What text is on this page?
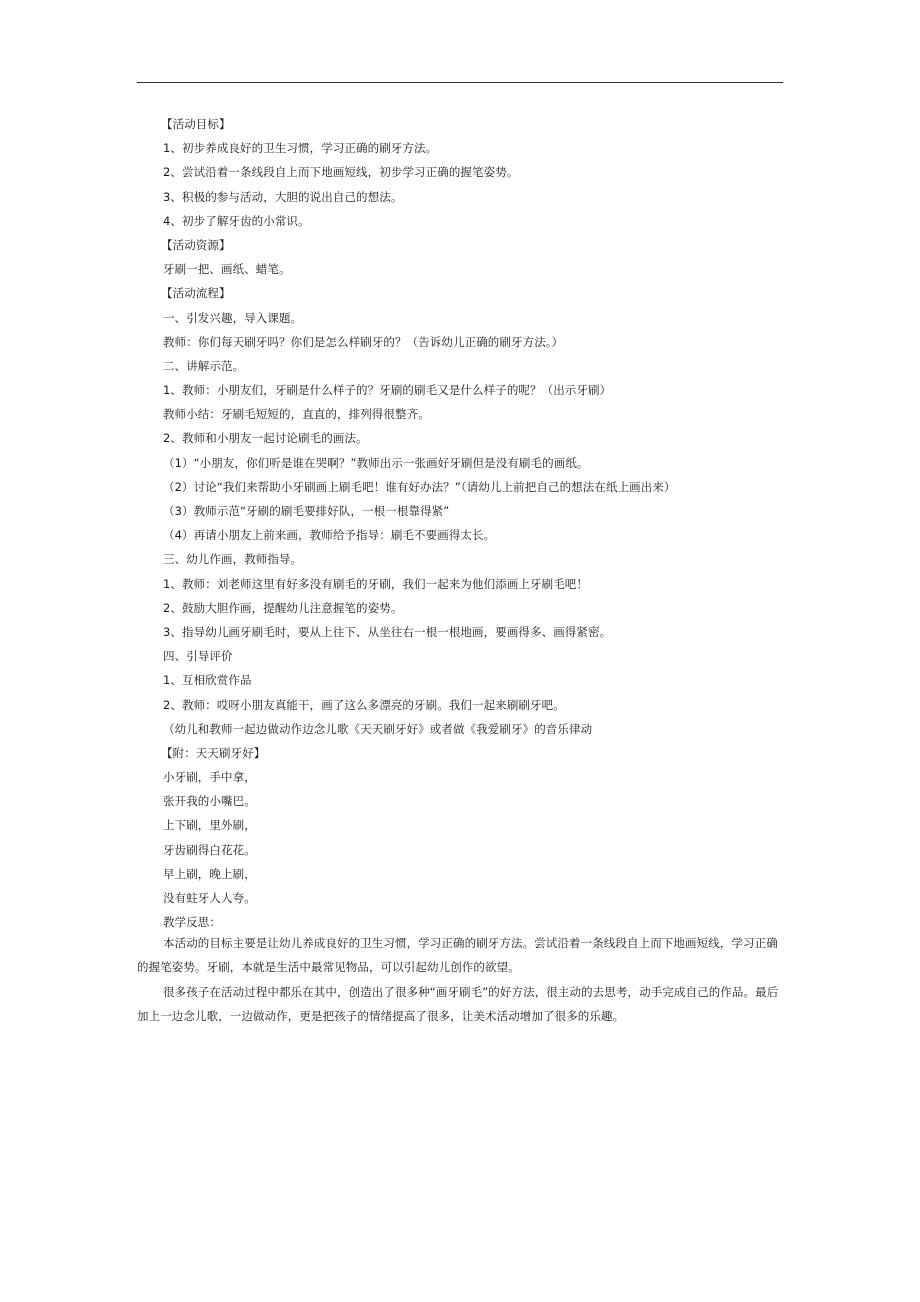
【活动目标】
1、初步养成良好的卫生习惯，学习正确的刷牙方法。
2、尝试沿着一条线段自上而下地画短线，初步学习正确的握笔姿势。
3、积极的参与活动，大胆的说出自己的想法。
4、初步了解牙齿的小常识。
【活动资源】
牙刷一把、画纸、蜡笔。
【活动流程】
一、引发兴趣，导入课题。
教师：你们每天刷牙吗？你们是怎么样刷牙的？（告诉幼儿正确的刷牙方法。）
二、讲解示范。
1、教师：小朋友们，牙刷是什么样子的？牙刷的刷毛又是什么样子的呢？（出示牙刷）
教师小结：牙刷毛短短的，直直的，排列得很整齐。
2、教师和小朋友一起讨论刷毛的画法。
（1）“小朋友，你们听是谁在哭啊？”教师出示一张画好牙刷但是没有刷毛的画纸。
（2）讨论“我们来帮助小牙刷画上刷毛吧！谁有好办法？”（请幼儿上前把自己的想法在纸上画出来）
（3）教师示范“牙刷的刷毛要排好队，一根一根靠得紧”
（4）再请小朋友上前来画，教师给予指导：刷毛不要画得太长。
三、幼儿作画，教师指导。
1、教师：刘老师这里有好多没有刷毛的牙刷，我们一起来为他们添画上牙刷毛吧！
2、鼓励大胆作画，提醒幼儿注意握笔的姿势。
3、指导幼儿画牙刷毛时，要从上往下、从坐往右一根一根地画，要画得多、画得紧密。
四、引导评价
1、互相欣赏作品
2、教师：哎呀小朋友真能干，画了这么多漂亮的牙刷。我们一起来刷刷牙吧。
（幼儿和教师一起边做动作边念儿歌《天天刷牙好》或者做《我爱刷牙》的音乐律动
【附：天天刷牙好】
小牙刷，手中拿，
张开我的小嘴巴。
上下刷，里外刷，
牙齿刷得白花花。
早上刷，晚上刷，
没有蛀牙人人夸。
教学反思：
本活动的目标主要是让幼儿养成良好的卫生习惯，学习正确的刷牙方法。尝试沿着一条线段自上而下地画短线，学习正确的握笔姿势。牙刷，本就是生活中最常见物品，可以引起幼儿创作的欲望。
很多孩子在活动过程中都乐在其中，创造出了很多种“画牙刷毛”的好方法，很主动的去思考，动手完成自己的作品。最后加上一边念儿歌，一边做动作，更是把孩子的情绪提高了很多，让美术活动增加了很多的乐趣。
